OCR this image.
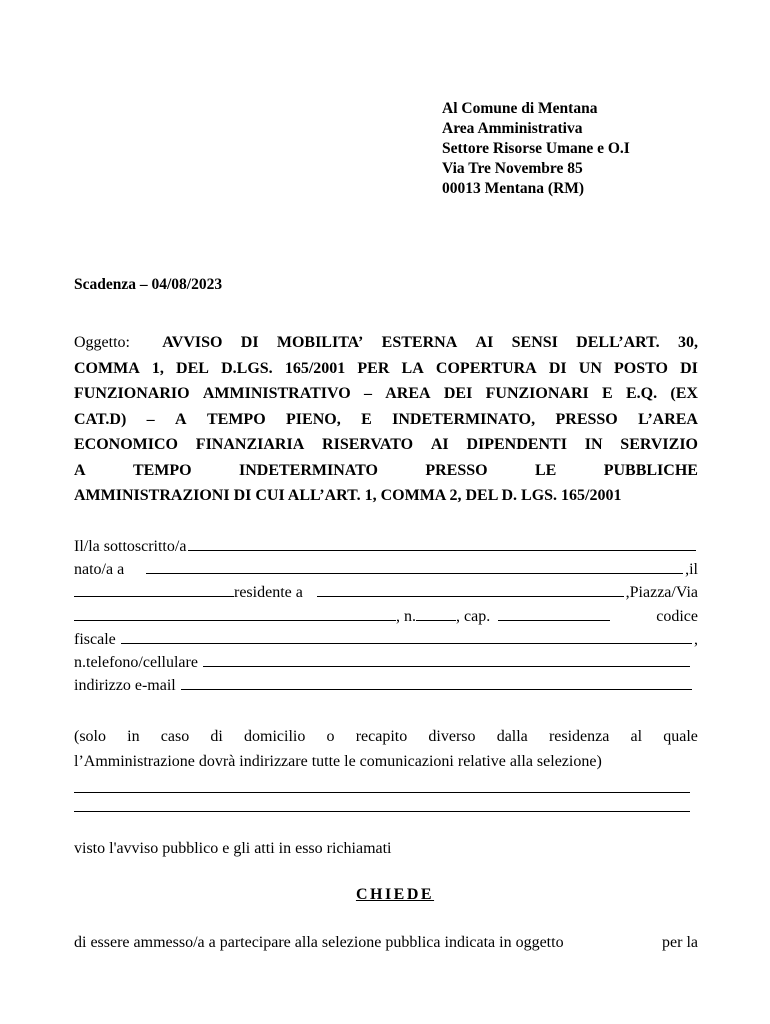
Al Comune di Mentana
Area Amministrativa
Settore Risorse Umane e O.I
Via Tre Novembre 85
00013 Mentana (RM)
Scadenza – 04/08/2023
Oggetto: AVVISO DI MOBILITA’ ESTERNA AI SENSI DELL’ART. 30,
COMMA 1, DEL D.LGS. 165/2001 PER LA COPERTURA DI UN POSTO DI
FUNZIONARIO AMMINISTRATIVO – AREA DEI FUNZIONARI E E.Q. (EX
CAT.D) – A TEMPO PIENO, E INDETERMINATO, PRESSO L’AREA
ECONOMICO FINANZIARIA RISERVATO AI DIPENDENTI IN SERVIZIO
A	TEMPO	INDETERMINATO	PRESSO	LE	PUBBLICHE
AMMINISTRAZIONI DI CUI ALL’ART. 1, COMMA 2, DEL D. LGS. 165/2001
Il/la sottoscritto/a
nato/a a	,il
residente a	,Piazza/Via
, n.	, cap.	codice
fiscale	,
n.telefono/cellulare
indirizzo e-mail
(solo in caso di domicilio o recapito diverso dalla residenza al quale
l’Amministrazione dovrà indirizzare tutte le comunicazioni relative alla selezione)
visto l'avviso pubblico e gli atti in esso richiamati
CHIEDE
di essere ammesso/a a partecipare alla selezione pubblica indicata in oggetto	per la
